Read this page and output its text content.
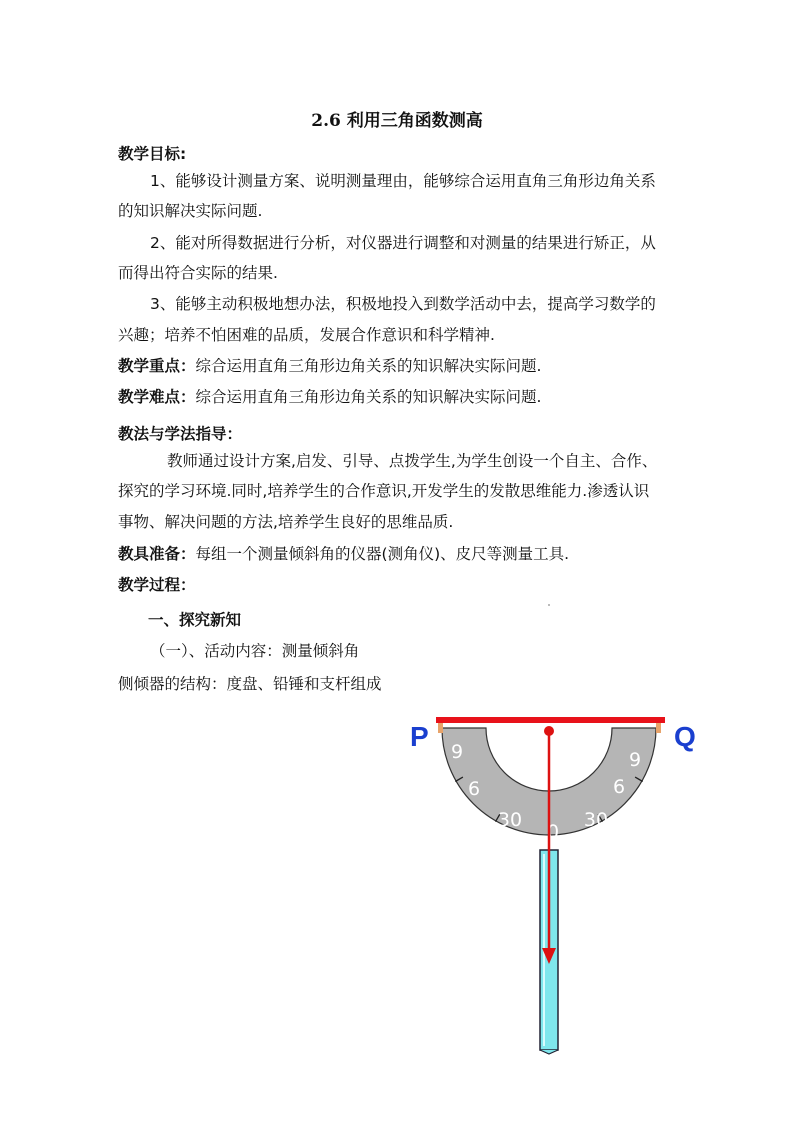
2.6 利用三角函数测高
教学目标:
1、能够设计测量方案、说明测量理由，能够综合运用直角三角形边角关系
的知识解决实际问题.
2、能对所得数据进行分析，对仪器进行调整和对测量的结果进行矫正，从
而得出符合实际的结果.
3、能够主动积极地想办法，积极地投入到数学活动中去，提高学习数学的
兴趣；培养不怕困难的品质，发展合作意识和科学精神.
教学重点：综合运用直角三角形边角关系的知识解决实际问题.
教学难点：综合运用直角三角形边角关系的知识解决实际问题.
教法与学法指导：
教师通过设计方案,启发、引导、点拨学生,为学生创设一个自主、合作、
探究的学习环境.同时,培养学生的合作意识,开发学生的发散思维能力.渗透认识
事物、解决问题的方法,培养学生良好的思维品质.
教具准备：每组一个测量倾斜角的仪器(测角仪)、皮尺等测量工具.
教学过程：
一、探究新知
（一）、活动内容：测量倾斜角
侧倾器的结构：度盘、铅锤和支杆组成
9
6
30
0
30
6
9
P	Q
